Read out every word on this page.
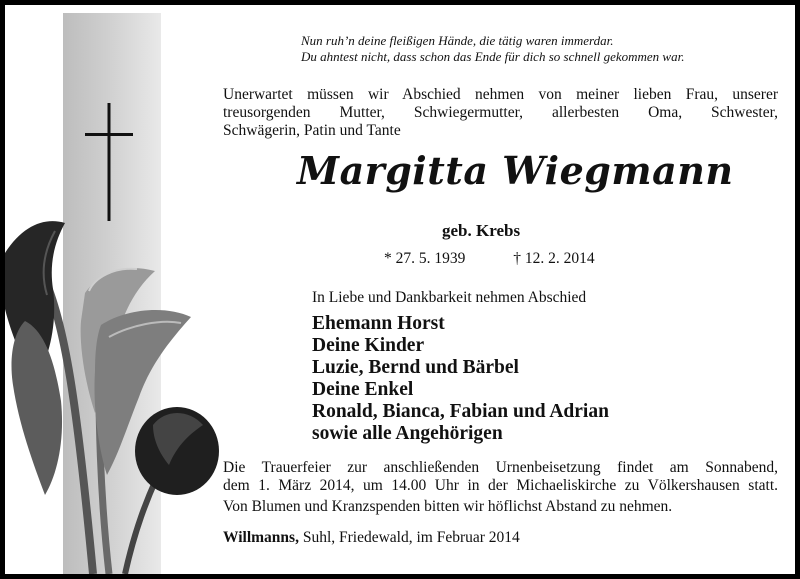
Nun ruh’n deine fleißigen Hände, die tätig waren immerdar.
Du ahntest nicht, dass schon das Ende für dich so schnell gekommen war.
Unerwartet müssen wir Abschied nehmen von meiner lieben Frau, unserer
treusorgenden Mutter, Schwiegermutter, allerbesten Oma, Schwester,
Schwägerin, Patin und Tante
Margitta Wiegmann
geb. Krebs
* 27. 5. 1939	† 12. 2. 2014
In Liebe und Dankbarkeit nehmen Abschied
Ehemann Horst
Deine Kinder
Luzie, Bernd und Bärbel
Deine Enkel
Ronald, Bianca, Fabian und Adrian
sowie alle Angehörigen
Die Trauerfeier zur anschließenden Urnenbeisetzung findet am Sonnabend,
dem 1. März 2014, um 14.00 Uhr in der Michaeliskirche zu Völkershausen statt.
Von Blumen und Kranzspenden bitten wir höflichst Abstand zu nehmen.
Willmanns, Suhl, Friedewald, im Februar 2014
